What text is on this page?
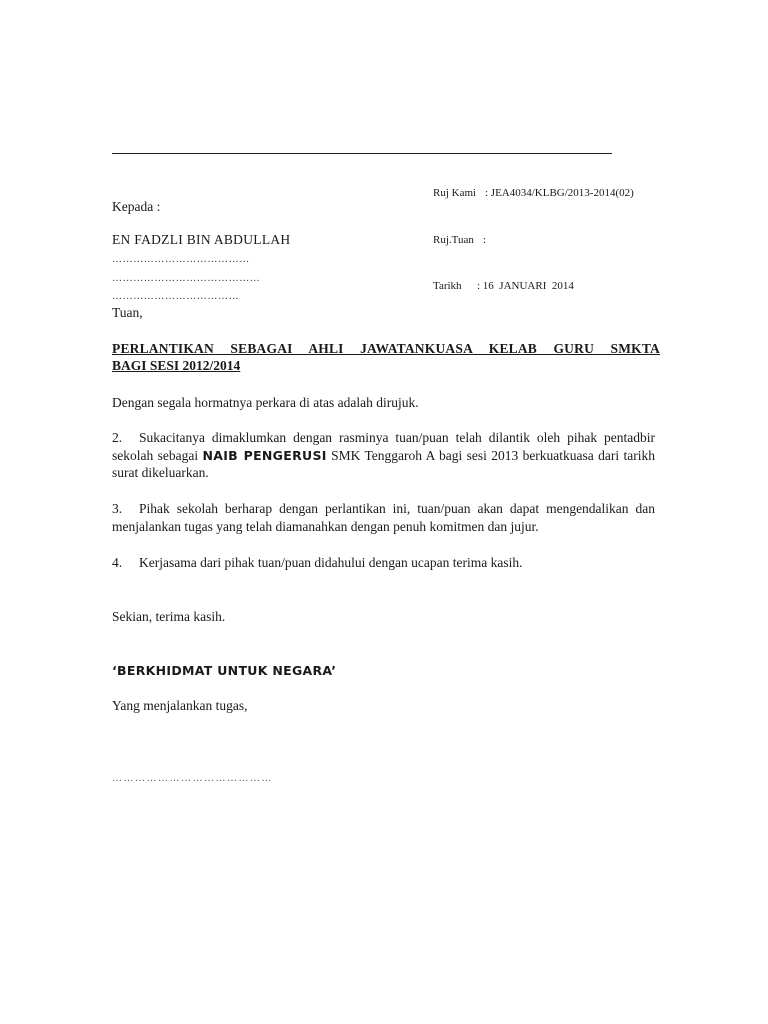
Ruj Kami : JEA4034/KLBG/2013-2014(02)

Ruj.Tuan :

Tarikh	: 16  JANUARI  2014

Kepada :
EN FADZLI BIN ABDULLAH
…………………………………
……………………………………
………………………………
Tuan,
PERLANTIKAN SEBAGAI AHLI JAWATANKUASA KELAB GURU SMKTA
BAGI SESI 2012/2014
Dengan segala hormatnya perkara di atas adalah dirujuk.
2. Sukacitanya dimaklumkan dengan rasminya tuan/puan telah dilantik oleh pihak pentadbir sekolah sebagai NAIB PENGERUSI SMK Tenggaroh A bagi sesi 2013 berkuatkuasa dari tarikh surat dikeluarkan.
3. Pihak sekolah berharap dengan perlantikan ini, tuan/puan akan dapat mengendalikan dan menjalankan tugas yang telah diamanahkan dengan penuh komitmen dan jujur.
4. Kerjasama dari pihak tuan/puan didahului dengan ucapan terima kasih.
Sekian, terima kasih.
‘BERKHIDMAT UNTUK NEGARA’
Yang menjalankan tugas,
……………………………………
